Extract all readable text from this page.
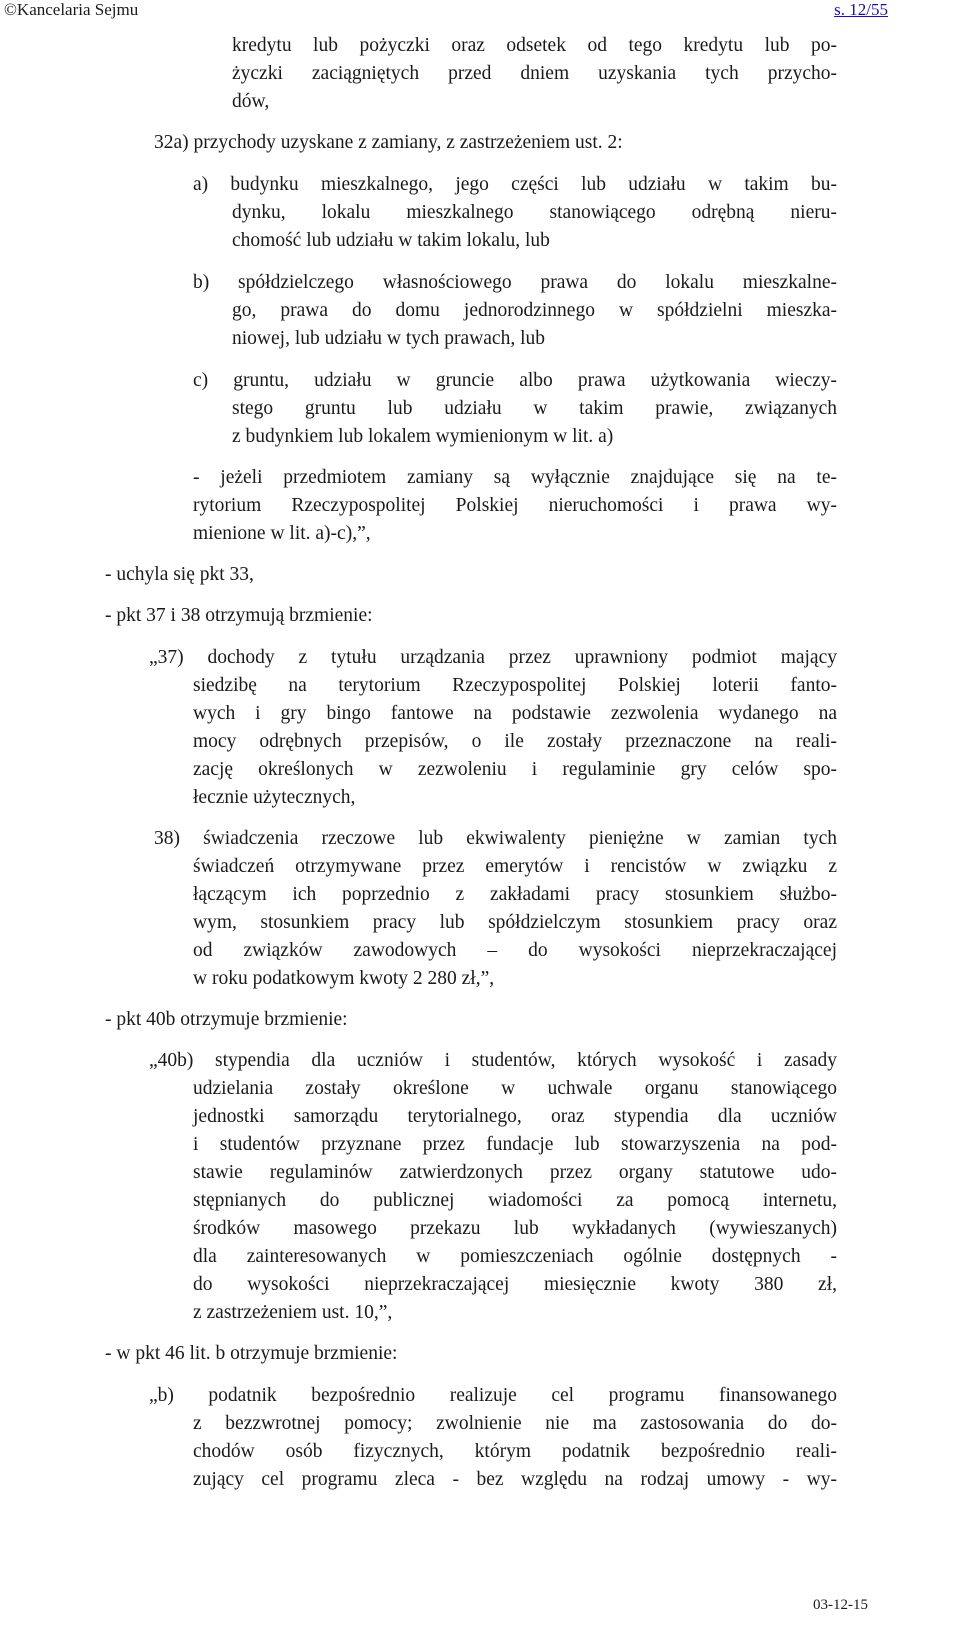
©Kancelaria Sejmu	s. 12/55
kredytu lub pożyczki oraz odsetek od tego kredytu lub po-
życzki zaciągniętych przed dniem uzyskania tych przycho-
dów,
32a) przychody uzyskane z zamiany, z zastrzeżeniem ust. 2:
a) budynku mieszkalnego, jego części lub udziału w takim bu-
dynku, lokalu mieszkalnego stanowiącego odrębną nieru-
chomość lub udziału w takim lokalu, lub
b) spółdzielczego własnościowego prawa do lokalu mieszkalne-
go, prawa do domu jednorodzinnego w spółdzielni mieszka-
niowej, lub udziału w tych prawach, lub
c) gruntu, udziału w gruncie albo prawa użytkowania wieczy-
stego gruntu lub udziału w takim prawie, związanych
z budynkiem lub lokalem wymienionym w lit. a)
- jeżeli przedmiotem zamiany są wyłącznie znajdujące się na te-
rytorium Rzeczypospolitej Polskiej nieruchomości i prawa wy-
mienione w lit. a)-c),”,
- uchyla się pkt 33,
- pkt 37 i 38 otrzymują brzmienie:
„37) dochody z tytułu urządzania przez uprawniony podmiot mający
siedzibę na terytorium Rzeczypospolitej Polskiej loterii fanto-
wych i gry bingo fantowe na podstawie zezwolenia wydanego na
mocy odrębnych przepisów, o ile zostały przeznaczone na reali-
zację określonych w zezwoleniu i regulaminie gry celów spo-
łecznie użytecznych,
38) świadczenia rzeczowe lub ekwiwalenty pieniężne w zamian tych
świadczeń otrzymywane przez emerytów i rencistów w związku z
łączącym ich poprzednio z zakładami pracy stosunkiem służbo-
wym, stosunkiem pracy lub spółdzielczym stosunkiem pracy oraz
od związków zawodowych – do wysokości nieprzekraczającej
w roku podatkowym kwoty 2 280 zł,”,
- pkt 40b otrzymuje brzmienie:
„40b) stypendia dla uczniów i studentów, których wysokość i zasady
udzielania zostały określone w uchwale organu stanowiącego
jednostki samorządu terytorialnego, oraz stypendia dla uczniów
i studentów przyznane przez fundacje lub stowarzyszenia na pod-
stawie regulaminów zatwierdzonych przez organy statutowe udo-
stępnianych do publicznej wiadomości za pomocą internetu,
środków masowego przekazu lub wykładanych (wywieszanych)
dla zainteresowanych w pomieszczeniach ogólnie dostępnych -
do wysokości nieprzekraczającej miesięcznie kwoty 380 zł,
z zastrzeżeniem ust. 10,”,
- w pkt 46 lit. b otrzymuje brzmienie:
„b) podatnik bezpośrednio realizuje cel programu finansowanego
z bezzwrotnej pomocy; zwolnienie nie ma zastosowania do do-
chodów osób fizycznych, którym podatnik bezpośrednio reali-
zujący cel programu zleca - bez względu na rodzaj umowy - wy-
03-12-15
